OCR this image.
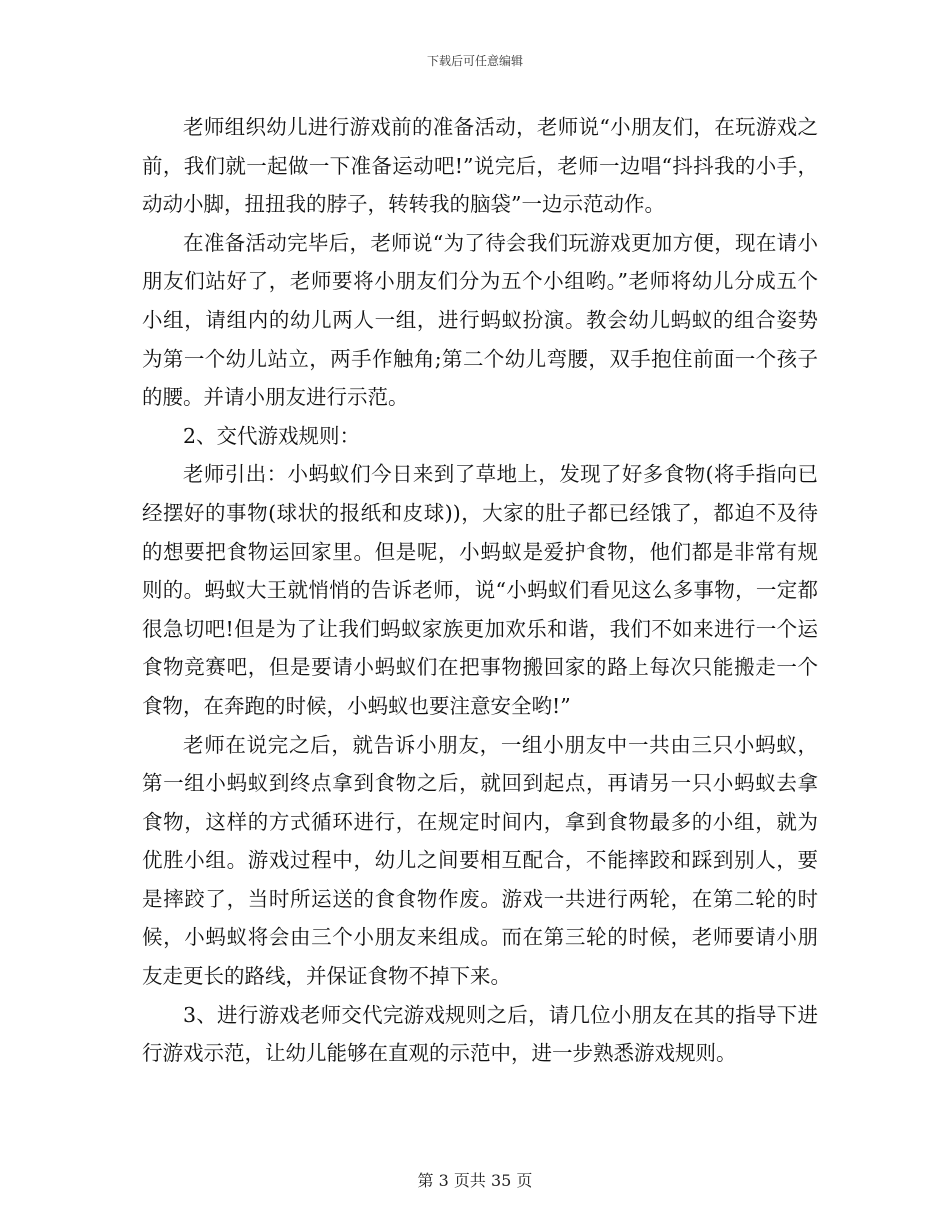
下载后可任意编辑

老师组织幼儿进行游戏前的准备活动，老师说“小朋友们，在玩游戏之前，我们就一起做一下准备运动吧!”说完后，老师一边唱“抖抖我的小手，动动小脚，扭扭我的脖子，转转我的脑袋”一边示范动作。

在准备活动完毕后，老师说“为了待会我们玩游戏更加方便，现在请小朋友们站好了，老师要将小朋友们分为五个小组哟。”老师将幼儿分成五个小组，请组内的幼儿两人一组，进行蚂蚁扮演。教会幼儿蚂蚁的组合姿势为第一个幼儿站立，两手作触角;第二个幼儿弯腰，双手抱住前面一个孩子的腰。并请小朋友进行示范。

2、交代游戏规则：

老师引出：小蚂蚁们今日来到了草地上，发现了好多食物(将手指向已经摆好的事物(球状的报纸和皮球))，大家的肚子都已经饿了，都迫不及待的想要把食物运回家里。但是呢，小蚂蚁是爱护食物，他们都是非常有规则的。蚂蚁大王就悄悄的告诉老师，说“小蚂蚁们看见这么多事物，一定都很急切吧!但是为了让我们蚂蚁家族更加欢乐和谐，我们不如来进行一个运食物竞赛吧，但是要请小蚂蚁们在把事物搬回家的路上每次只能搬走一个食物，在奔跑的时候，小蚂蚁也要注意安全哟!”

老师在说完之后，就告诉小朋友，一组小朋友中一共由三只小蚂蚁，第一组小蚂蚁到终点拿到食物之后，就回到起点，再请另一只小蚂蚁去拿食物，这样的方式循环进行，在规定时间内，拿到食物最多的小组，就为优胜小组。游戏过程中，幼儿之间要相互配合，不能摔跤和踩到别人，要是摔跤了，当时所运送的食食物作废。游戏一共进行两轮，在第二轮的时候，小蚂蚁将会由三个小朋友来组成。而在第三轮的时候，老师要请小朋友走更长的路线，并保证食物不掉下来。

3、进行游戏老师交代完游戏规则之后，请几位小朋友在其的指导下进行游戏示范，让幼儿能够在直观的示范中，进一步熟悉游戏规则。

第 3 页共 35 页
